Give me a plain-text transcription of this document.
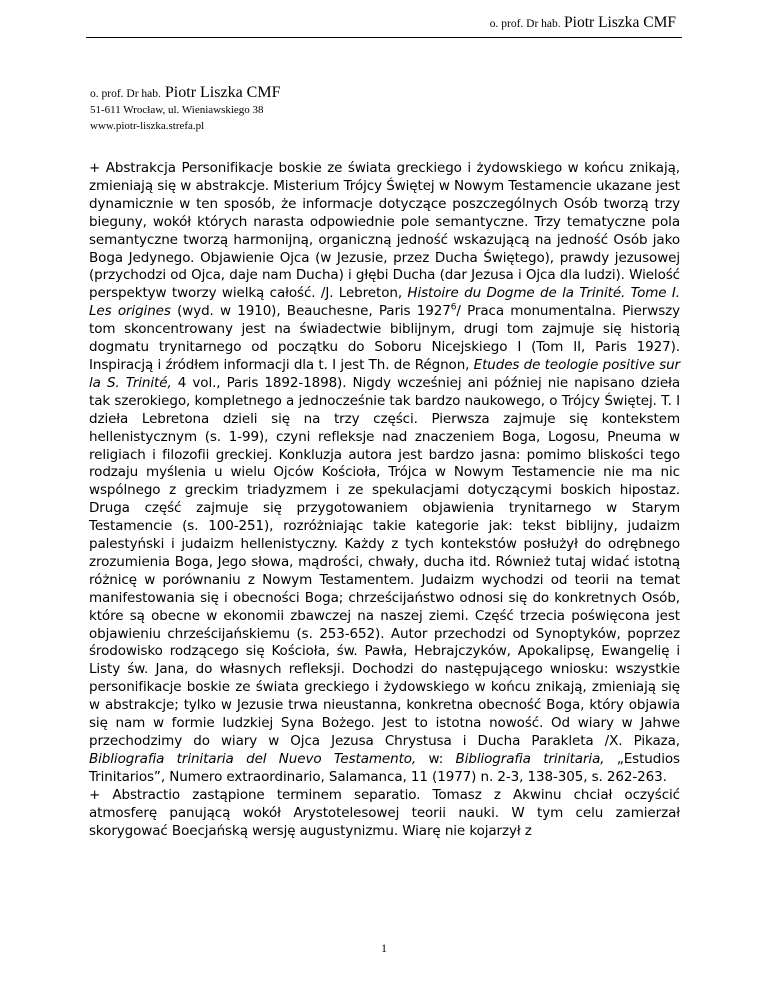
o. prof. Dr hab. Piotr Liszka CMF
o. prof. Dr hab. Piotr Liszka CMF
51-611 Wrocław, ul. Wieniawskiego 38
www.piotr-liszka.strefa.pl

+ Abstrakcja Personifikacje boskie ze świata greckiego i żydowskiego w końcu znikają, zmieniają się w abstrakcje. Misterium Trójcy Świętej w Nowym Testamencie ukazane jest dynamicznie w ten sposób, że informacje dotyczące poszczególnych Osób tworzą trzy bieguny, wokół których narasta odpowiednie pole semantyczne. Trzy tematyczne pola semantyczne tworzą harmonijną, organiczną jedność wskazującą na jedność Osób jako Boga Jedynego. Objawienie Ojca (w Jezusie, przez Ducha Świętego), prawdy jezusowej (przychodzi od Ojca, daje nam Ducha) i głębi Ducha (dar Jezusa i Ojca dla ludzi). Wielość perspektyw tworzy wielką całość. /J. Lebreton, Histoire du Dogme de la Trinité. Tome I. Les origines (wyd. w 1910), Beauchesne, Paris 1927$^6$/ Praca monumentalna. Pierwszy tom skoncentrowany jest na świadectwie biblijnym, drugi tom zajmuje się historią dogmatu trynitarnego od początku do Soboru Nicejskiego I (Tom II, Paris 1927). Inspiracją i źródłem informacji dla t. I jest Th. de Régnon, Etudes de teologie positive sur la S. Trinité, 4 vol., Paris 1892-1898). Nigdy wcześniej ani później nie napisano dzieła tak szerokiego, kompletnego a jednocześnie tak bardzo naukowego, o Trójcy Świętej. T. I dzieła Lebretona dzieli się na trzy części. Pierwsza zajmuje się kontekstem hellenistycznym (s. 1-99), czyni refleksje nad znaczeniem Boga, Logosu, Pneuma w religiach i filozofii greckiej. Konkluzja autora jest bardzo jasna: pomimo bliskości tego rodzaju myślenia u wielu Ojców Kościoła, Trójca w Nowym Testamencie nie ma nic wspólnego z greckim triadyzmem i ze spekulacjami dotyczącymi boskich hipostaz. Druga część zajmuje się przygotowaniem objawienia trynitarnego w Starym Testamencie (s. 100-251), rozróżniając takie kategorie jak: tekst biblijny, judaizm palestyński i judaizm hellenistyczny. Każdy z tych kontekstów posłużył do odrębnego zrozumienia Boga, Jego słowa, mądrości, chwały, ducha itd. Również tutaj widać istotną różnicę w porównaniu z Nowym Testamentem. Judaizm wychodzi od teorii na temat manifestowania się i obecności Boga; chrześcijaństwo odnosi się do konkretnych Osób, które są obecne w ekonomii zbawczej na naszej ziemi. Część trzecia poświęcona jest objawieniu chrześcijańskiemu (s. 253-652). Autor przechodzi od Synoptyków, poprzez środowisko rodzącego się Kościoła, św. Pawła, Hebrajczyków, Apokalipsę, Ewangelię i Listy św. Jana, do własnych refleksji. Dochodzi do następującego wniosku: wszystkie personifikacje boskie ze świata greckiego i żydowskiego w końcu znikają, zmieniają się w abstrakcje; tylko w Jezusie trwa nieustanna, konkretna obecność Boga, który objawia się nam w formie ludzkiej Syna Bożego. Jest to istotna nowość. Od wiary w Jahwe przechodzimy do wiary w Ojca Jezusa Chrystusa i Ducha Parakleta /X. Pikaza, Bibliografia trinitaria del Nuevo Testamento, w: Bibliografia trinitaria, „Estudios Trinitarios”, Numero extraordinario, Salamanca, 11 (1977) n. 2-3, 138-305, s. 262-263.

+ Abstractio zastąpione terminem separatio. Tomasz z Akwinu chciał oczyścić atmosferę panującą wokół Arystotelesowej teorii nauki. W tym celu zamierzał skorygować Boecjańską wersję augustynizmu. Wiarę nie kojarzył z

1
